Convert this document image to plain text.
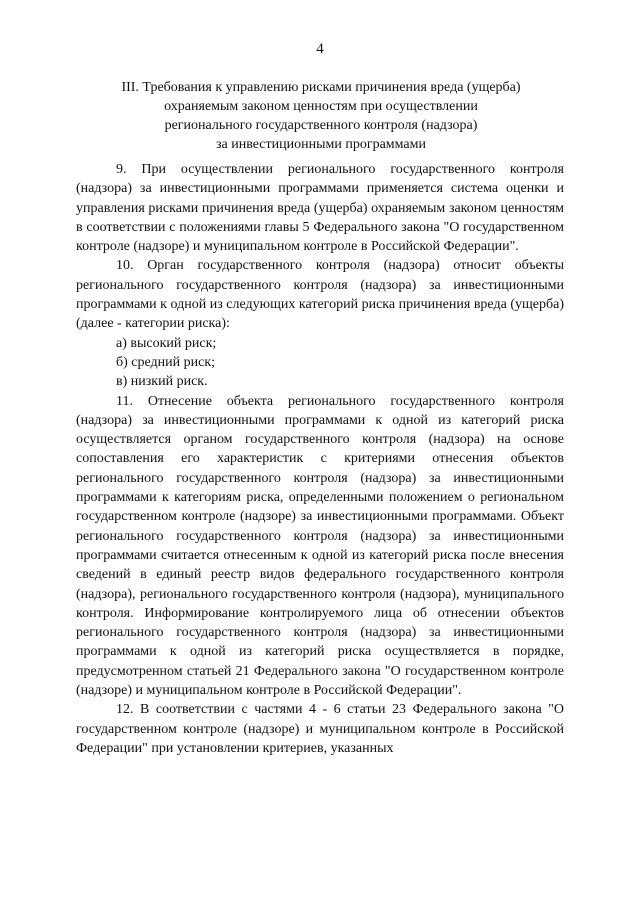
4
III. Требования к управлению рисками причинения вреда (ущерба)
охраняемым законом ценностям при осуществлении
регионального государственного контроля (надзора)
за инвестиционными программами

9. При осуществлении регионального государственного контроля (надзора) за инвестиционными программами применяется система оценки и управления рисками причинения вреда (ущерба) охраняемым законом ценностям в соответствии с положениями главы 5 Федерального закона "О государственном контроле (надзоре) и муниципальном контроле в Российской Федерации".

10. Орган государственного контроля (надзора) относит объекты регионального государственного контроля (надзора) за инвестиционными программами к одной из следующих категорий риска причинения вреда (ущерба) (далее - категории риска):

а) высокий риск;

б) средний риск;

в) низкий риск.

11. Отнесение объекта регионального государственного контроля (надзора) за инвестиционными программами к одной из категорий риска осуществляется органом государственного контроля (надзора) на основе сопоставления его характеристик с критериями отнесения объектов регионального государственного контроля (надзора) за инвестиционными программами к категориям риска, определенными положением о региональном государственном контроле (надзоре) за инвестиционными программами. Объект регионального государственного контроля (надзора) за инвестиционными программами считается отнесенным к одной из категорий риска после внесения сведений в единый реестр видов федерального государственного контроля (надзора), регионального государственного контроля (надзора), муниципального контроля. Информирование контролируемого лица об отнесении объектов регионального государственного контроля (надзора) за инвестиционными программами к одной из категорий риска осуществляется в порядке, предусмотренном статьей 21 Федерального закона "О государственном контроле (надзоре) и муниципальном контроле в Российской Федерации".

12. В соответствии с частями 4 - 6 статьи 23 Федерального закона "О государственном контроле (надзоре) и муниципальном контроле в Российской Федерации" при установлении критериев, указанных
